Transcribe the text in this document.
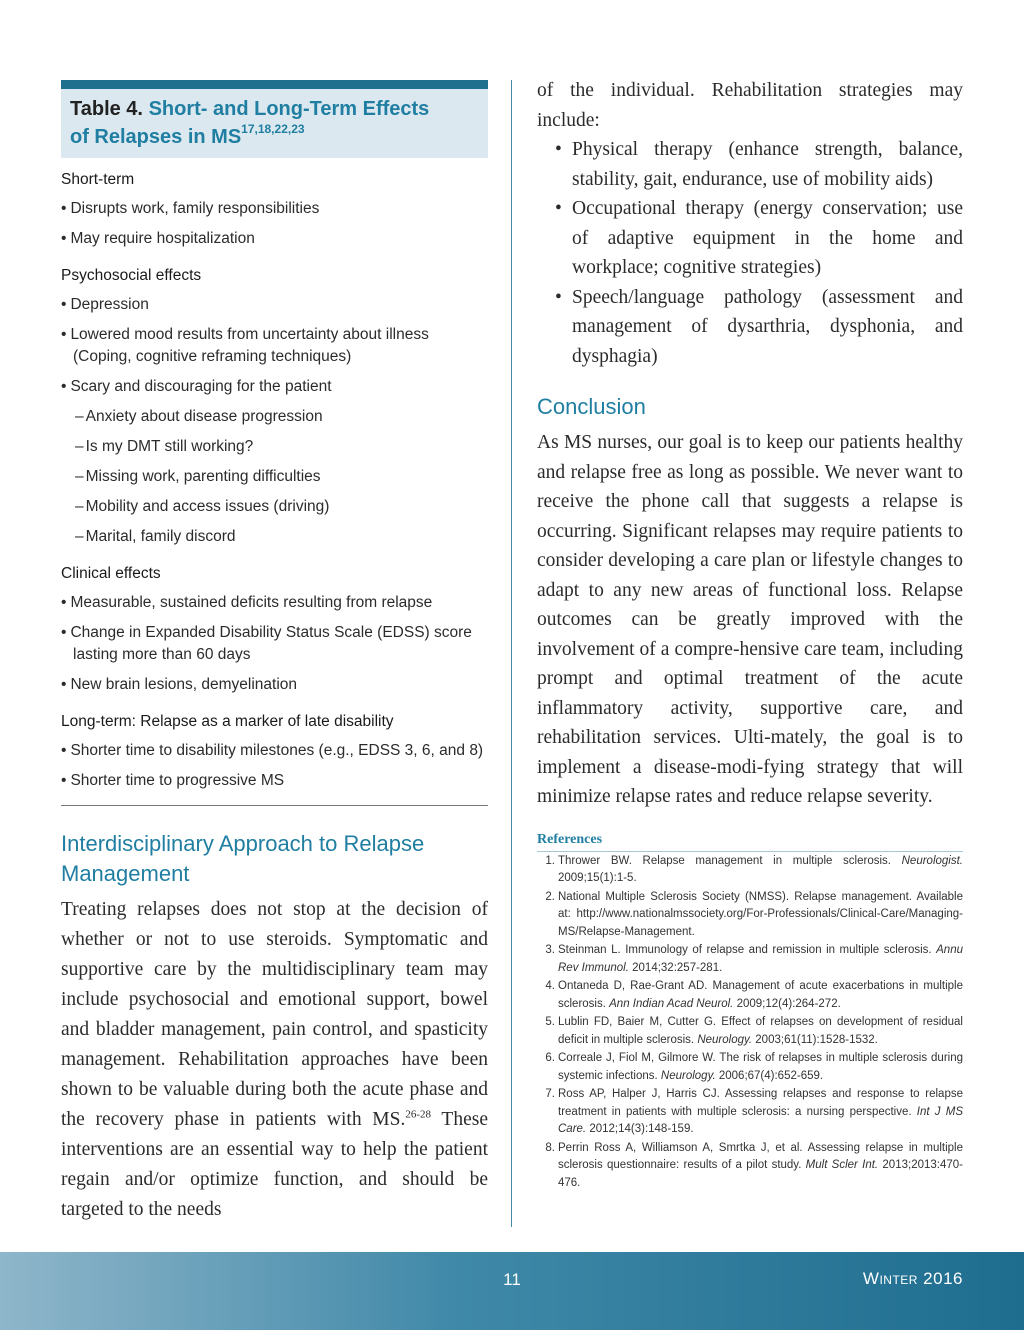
Table 4. Short- and Long-Term Effects
of Relapses in MS$^{17,18,22,23}$
Short-term
• Disrupts work, family responsibilities
• May require hospitalization
Psychosocial effects
• Depression
• Lowered mood results from uncertainty about illness (Coping, cognitive reframing techniques)
• Scary and discouraging for the patient
– Anxiety about disease progression
– Is my DMT still working?
– Missing work, parenting difficulties
– Mobility and access issues (driving)
– Marital, family discord
Clinical effects
• Measurable, sustained deficits resulting from relapse
• Change in Expanded Disability Status Scale (EDSS) score lasting more than 60 days
• New brain lesions, demyelination
Long-term: Relapse as a marker of late disability
• Shorter time to disability milestones (e.g., EDSS 3, 6, and 8)
• Shorter time to progressive MS
Interdisciplinary Approach to Relapse Management
Treating relapses does not stop at the decision of whether or not to use steroids. Symptomatic and supportive care by the multidisciplinary team may include psychosocial and emotional support, bowel and bladder management, pain control, and spasticity management. Rehabilitation approaches have been shown to be valuable during both the acute phase and the recovery phase in patients with MS.$^{26-28}$ These interventions are an essential way to help the patient regain and/or optimize function, and should be targeted to the needs

of the individual. Rehabilitation strategies may include:

• Physical therapy (enhance strength, balance, stability, gait, endurance, use of mobility aids)

• Occupational therapy (energy conservation; use of adaptive equipment in the home and workplace; cognitive strategies)

• Speech/language pathology (assessment and management of dysarthria, dysphonia, and dysphagia)

Conclusion

As MS nurses, our goal is to keep our patients healthy and relapse free as long as possible. We never want to receive the phone call that suggests a relapse is occurring. Significant relapses may require patients to consider developing a care plan or lifestyle changes to adapt to any new areas of functional loss. Relapse outcomes can be greatly improved with the involvement of a compre-hensive care team, including prompt and optimal treatment of the acute inflammatory activity, supportive care, and rehabilitation services. Ulti-mately, the goal is to implement a disease-modi-fying strategy that will minimize relapse rates and reduce relapse severity.

References
1. Thrower BW. Relapse management in multiple sclerosis. Neurologist. 2009;15(1):1-5.
2. National Multiple Sclerosis Society (NMSS). Relapse management. Available at: http://www.nationalmssociety.org/For-Professionals/Clinical-Care/Managing-MS/Relapse-Management.
3. Steinman L. Immunology of relapse and remission in multiple sclerosis. Annu Rev Immunol. 2014;32:257-281.
4. Ontaneda D, Rae-Grant AD. Management of acute exacerbations in multiple sclerosis. Ann Indian Acad Neurol. 2009;12(4):264-272.
5. Lublin FD, Baier M, Cutter G. Effect of relapses on development of residual deficit in multiple sclerosis. Neurology. 2003;61(11):1528-1532.
6. Correale J, Fiol M, Gilmore W. The risk of relapses in multiple sclerosis during systemic infections. Neurology. 2006;67(4):652-659.
7. Ross AP, Halper J, Harris CJ. Assessing relapses and response to relapse treatment in patients with multiple sclerosis: a nursing perspective. Int J MS Care. 2012;14(3):148-159.
8. Perrin Ross A, Williamson A, Smrtka J, et al. Assessing relapse in multiple sclerosis questionnaire: results of a pilot study. Mult Scler Int. 2013;2013:470-476.
11	Winter 2016
